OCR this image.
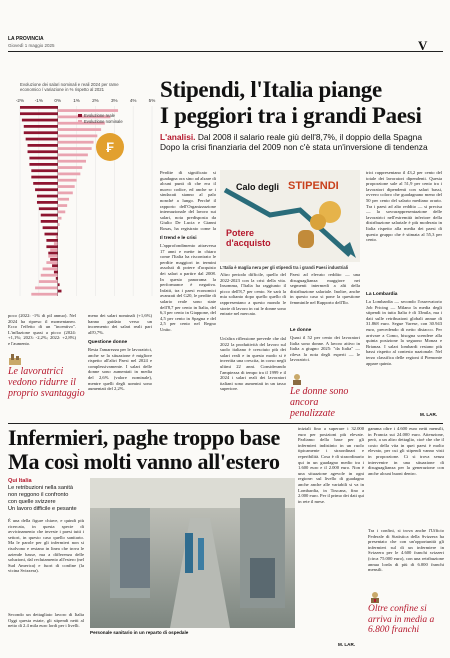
LA PROVINCIA
Giovedì 1 maggio 2025	V
Evoluzione dei salari nominali e reali 2024 per rame economico / variazione in % rispetto al 2021
-2% -1% 0%	1%	2%	3%	4%	5%
Evoluzione reale
Evoluzione nominale
₣
poco (2022: -1% di pil annuo). Nel 2024 ha ripreso il momentaneo. Ecco l'effetto di un "incentivo". L'inflazione quasi a picco (2024: +1,1%; 2023: -2,2%; 2022: +2,8%) e l'aumento.
Le lavoratrici vedono ridurre il proprio svantaggio
meno dei salari nominali (+1,6%) hanno guidato verso un incremento dei salari reali pari all'0,7%.
Questione donne
Resta l'amarezza per le lavoratrici, anche se la situazione è migliore rispetto all'altri Paesi nel 2024 e complessivamente. I salari delle donne sono aumentati in media del 2,6% (valore nominale), mentre quelli degli uomini sono aumentati del 2,2%.
Stipendi, l'Italia piange
I peggiori tra i grandi Paesi
L'analisi. Dal 2008 il salario reale giù dell'8,7%, il doppio della Spagna Dopo la crisi finanziaria del 2009 non c'è stata un'inversione di tendenza
Perdite di significato si guadagna ora sino ad alzare di alcuni punti di che era il nuovo codice, ed anche se i sindacati stanno al palo nonché a lungo. Perché il rapporto dell'Organizzazione internazionale del lavoro sui salari, nota predisposta da Giulio De Lucia e Gianni Rosas, ha registrato come la
Il trend e le crisi
L'approfondimento attraversa 17 anni e mette in chiaro come l'Italia ha riscontrato le perdite maggiori in termini assoluti di potere d'acquisto dei salari a partire dal 2008. In questo panorama la performance è negativa. Infatti, tra i paesi economici avanzati del G20, le perdite di salario reale sono state dell'8,7 per cento in Italia, del 6,3 per cento in Giappone, del 4,5 per cento in Spagna e del 2,5 per cento nel Regno Unito.
Calo degli STIPENDI
Potere d'acquisto
L'Italia è maglia nera per gli stipendi tra i grandi Paesi industriali
Altro periodo difficile, quello del 2022-2023 con la crisi della vita. Insomma, l'Italia ha raggiunto il picco dell'8,7 per cento. Se sarà la mia soltanto dopo quello quello di rappresentano a questo mondo le storie di lavoro in cui le donne sono entrate nel mercato.
Un'altra riflessione prevede che dal 2022 la produttività del lavoro sul suolo italiano è cresciuto più dei salari reali e in questo modo si è invertita una crescita, in corso negli ultimi 22 anni. Considerando l'ampiezza di tempo tra il 1999 e il 2024 i salari reali dei lavoratori italiani sono aumentati in un tasso superiore.
Paesi ad elevato reddito — una disuguaglianza maggiore nei segmenti intermedi a alti della distribuzione salariale. Inoltre, anche in questo caso si pone la questione femminile nel Rapporto dell'Ilo.
Le donne
Quasi il 52 per cento dei lavoratori Italia sono donne. A lavoro attivo in Italia a giugno 2025: "da Italia" — rileva la nota degli esperti — le lavoratrici.
Le donne sono ancora penalizzate
trici rappresentano il 43,2 per cento del totale dei lavoratori dipendenti. Questa proporzione sale al 51,9 per cento tra i lavoratori dipendenti con salari bassi, ovvero coloro che guadagnano meno del 50 per cento del salario mediano orario. Tra i paesi ad alto reddito — si precisa — la sovrarappresentazione delle lavoratrici nell'estremità inferiore della distribuzione salariale è più moderata in Italia rispetto alla media dei paesi di questo gruppo che è stimata al 55,3 per cento.
La Lombardia
La Lombardia — secondo l'osservatorio Job Pricing — Milano la media degli stipendi in tutta Italia è di 33mila, ma i dati sulle retribuzioni globali annue di 31.868 euro. Segue Varese, con 30.943 euro, precedendo di netto distacco. Per arrivare a Como, bisogna scendere alla quinta posizione la seguono Monza e Brianza. I salari lombardi restano più bassi rispetto al contesto nazionale. Nel terzo classifica delle regioni il Piemonte appare quinto.
M. LAR.
Infermieri, paghe troppo base
Ma così molti vanno all'estero
Qui Italia
Le retribuzioni nella sanità
non reggono il confronto
con quelle svizzere
Un lavoro difficile e pesante
È una della figure chiave, e quindi più ricercata, in questa specie di avvicinamento che investe i paesi tutti i settori, in questo caso quello sanitario. Ma le parole per gli infermieri non si risolvono e restano in linea che trova le aziende basse, ma a differenza delle soluzioni, dal reclutamento all'estero (nel Sud America) e fuori di confine (la vicina Svizzera).
Secondo un dettagliato lavoro di Italia Oggi questa estate, gli stipendi netti al netto di 2.4 mila euro lordi per i livelli.
Personale sanitario in un reparto di ospedale
iniziali fino a superare i 32.000 euro per posizioni più elevate. Parliamo della base per gli infermieri indistinto in un ruolo tipicamente i straordinari e reperibilità. Cosa è di straordinario qui in un guadagno medio tra i 1.600 euro e il 2.000 euro. Non è una situazione agevole in ogni regione: sul livello di guadagno anche anche alle variabili si va in Lombardia, in Toscana, fino a 2.000 euro. Per il primo dei dati qui in rete il mese.
gamma oltre i 4.600 euro netti mensili, in Francia sui 24.000 euro. Attenzione, però, a un altro dettaglio, cioè che che il costo della vita in quei paesi è molto elevato, per cui gli stipendi vanno visti in proporzione. Ci si trova senza intervenire in una situazione di disuguaglianza per la generazione con anche alcuni buoni dentro.
Tra i confini, si trova anche l'Ufficio Federale di Statistica della Svizzera ha presentato che con un'opportunità gli infermieri sul di un infermiere in Svizzera per le 4.600 franchi svizzeri (circa 75.000 euro), con una retribuzione annua lorda di più di 6.000 franchi mensili.
Oltre confine si arriva in media a 6.800 franchi
M. LAR.
